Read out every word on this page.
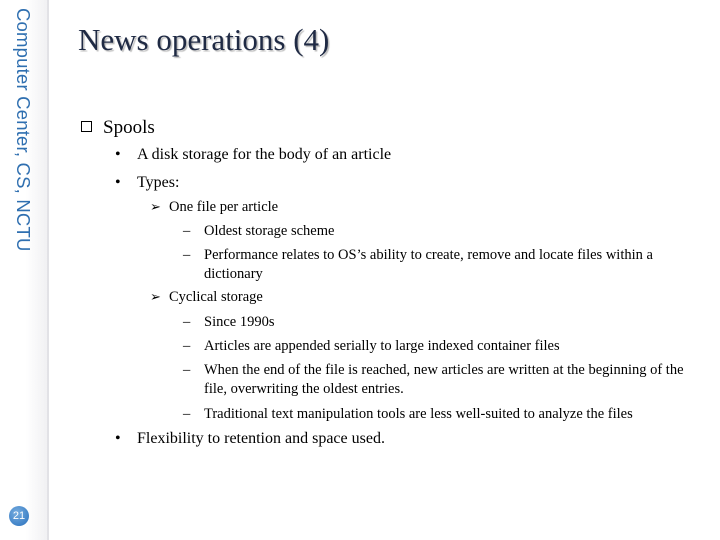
Computer Center, CS, NCTU
21
News operations (4)
Spools
• A disk storage for the body of an article
• Types:
➢ One file per article
– Oldest storage scheme
– Performance relates to OS’s ability to create, remove and locate files within a dictionary
➢ Cyclical storage
– Since 1990s
– Articles are appended serially to large indexed container files
– When the end of the file is reached, new articles are written at the beginning of the file, overwriting the oldest entries.
– Traditional text manipulation tools are less well-suited to analyze the files
• Flexibility to retention and space used.
